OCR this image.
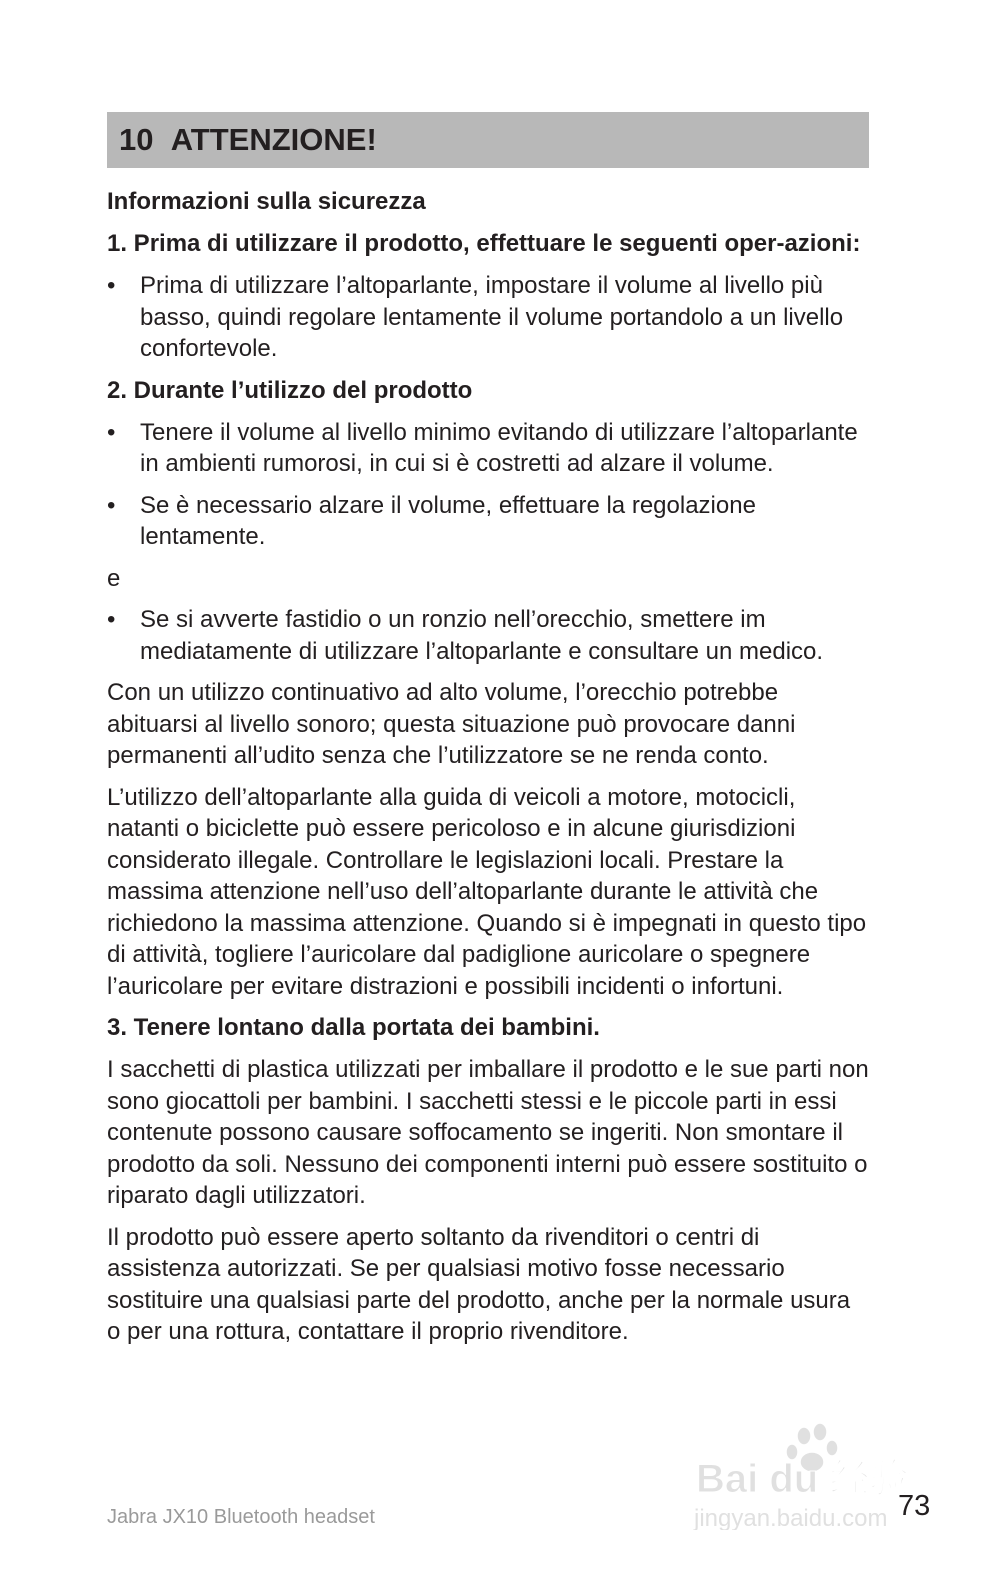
10 ATTENZIONE!
Informazioni sulla sicurezza
1. Prima di utilizzare il prodotto, effettuare le seguenti oper-azioni:
• Prima di utilizzare l’altoparlante, impostare il volume al livello più basso, quindi regolare lentamente il volume portandolo a un livello confortevole.
2. Durante l’utilizzo del prodotto
• Tenere il volume al livello minimo evitando di utilizzare l’altoparlante in ambienti rumorosi, in cui si è costretti ad alzare il volume.
• Se è necessario alzare il volume, effettuare la regolazione lentamente.
e
• Se si avverte fastidio o un ronzio nell’orecchio, smettere im mediatamente di utilizzare l’altoparlante e consultare un medico.
Con un utilizzo continuativo ad alto volume, l’orecchio potrebbe abituarsi al livello sonoro; questa situazione può provocare danni permanenti all’udito senza che l’utilizzatore se ne renda conto.
L’utilizzo dell’altoparlante alla guida di veicoli a motore, motocicli, natanti o biciclette può essere pericoloso e in alcune giurisdizioni considerato illegale. Controllare le legislazioni locali. Prestare la massima attenzione nell’uso dell’altoparlante durante le attività che richiedono la massima attenzione. Quando si è impegnati in questo tipo di attività, togliere l’auricolare dal padiglione auricolare o spegnere l’auricolare per evitare distrazioni e possibili incidenti o infortuni.
3. Tenere lontano dalla portata dei bambini.
I sacchetti di plastica utilizzati per imballare il prodotto e le sue parti non sono giocattoli per bambini. I sacchetti stessi e le piccole parti in essi contenute possono causare soffocamento se ingeriti. Non smontare il prodotto da soli. Nessuno dei componenti interni può essere sostituito o riparato dagli utilizzatori.
Il prodotto può essere aperto soltanto da rivenditori o centri di assistenza autorizzati. Se per qualsiasi motivo fosse necessario sostituire una qualsiasi parte del prodotto, anche per la normale usura o per una rottura, contattare il proprio rivenditore.
Bai du 经验
jingyan.baidu.com
Jabra JX10 Bluetooth headset	73
